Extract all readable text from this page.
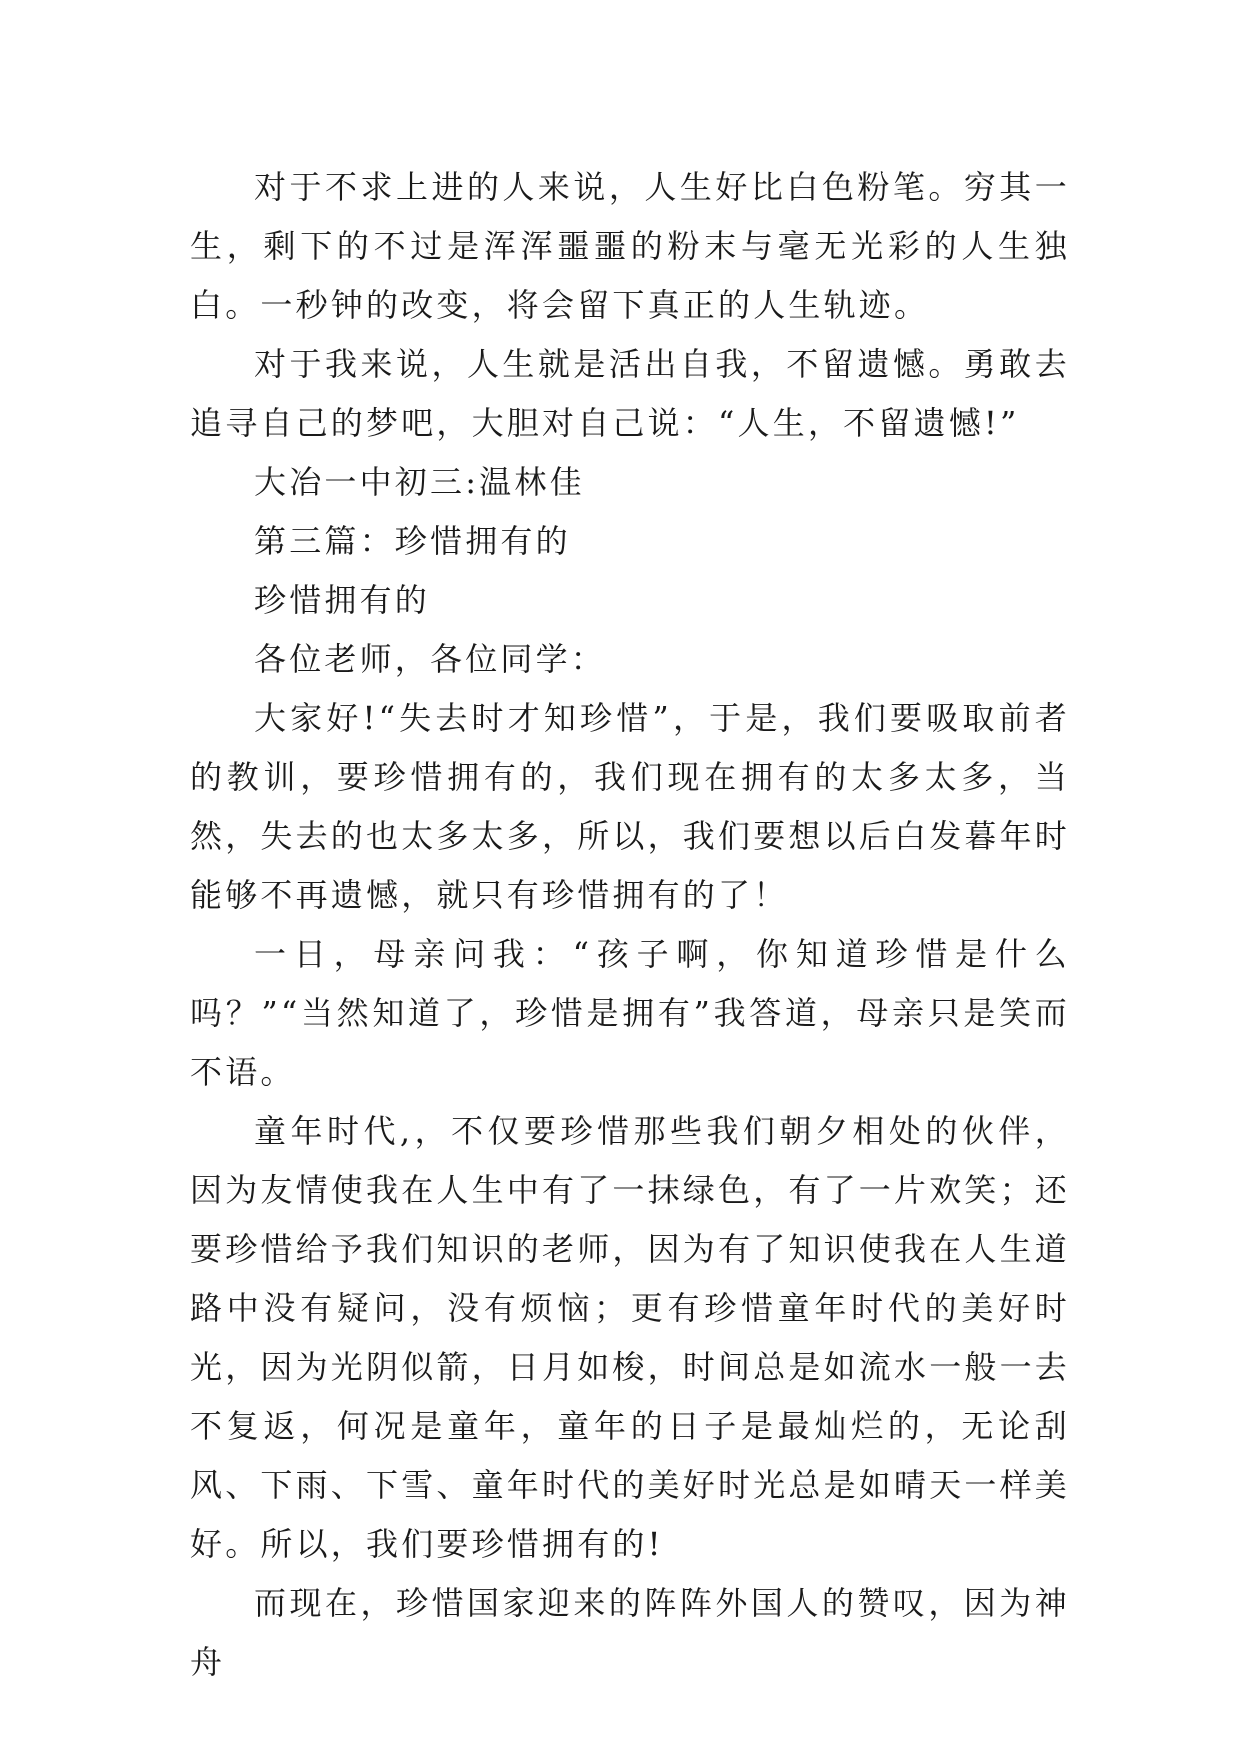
对于不求上进的人来说，人生好比白色粉笔。穷其一生，剩下的不过是浑浑噩噩的粉末与毫无光彩的人生独白。一秒钟的改变，将会留下真正的人生轨迹。

对于我来说，人生就是活出自我，不留遗憾。勇敢去追寻自己的梦吧，大胆对自己说：“人生，不留遗憾!”

大冶一中初三:温林佳

第三篇：珍惜拥有的

珍惜拥有的

各位老师，各位同学：

大家好!“失去时才知珍惜”，于是，我们要吸取前者的教训，要珍惜拥有的，我们现在拥有的太多太多，当然，失去的也太多太多，所以，我们要想以后白发暮年时能够不再遗憾，就只有珍惜拥有的了！

一日，母亲问我：“孩子啊，你知道珍惜是什么吗？”“当然知道了，珍惜是拥有”我答道，母亲只是笑而不语。

童年时代,，不仅要珍惜那些我们朝夕相处的伙伴，因为友情使我在人生中有了一抹绿色，有了一片欢笑；还要珍惜给予我们知识的老师，因为有了知识使我在人生道路中没有疑问，没有烦恼；更有珍惜童年时代的美好时光，因为光阴似箭，日月如梭，时间总是如流水一般一去不复返，何况是童年，童年的日子是最灿烂的，无论刮风、下雨、下雪、童年时代的美好时光总是如晴天一样美好。所以，我们要珍惜拥有的!

而现在，珍惜国家迎来的阵阵外国人的赞叹，因为神舟
